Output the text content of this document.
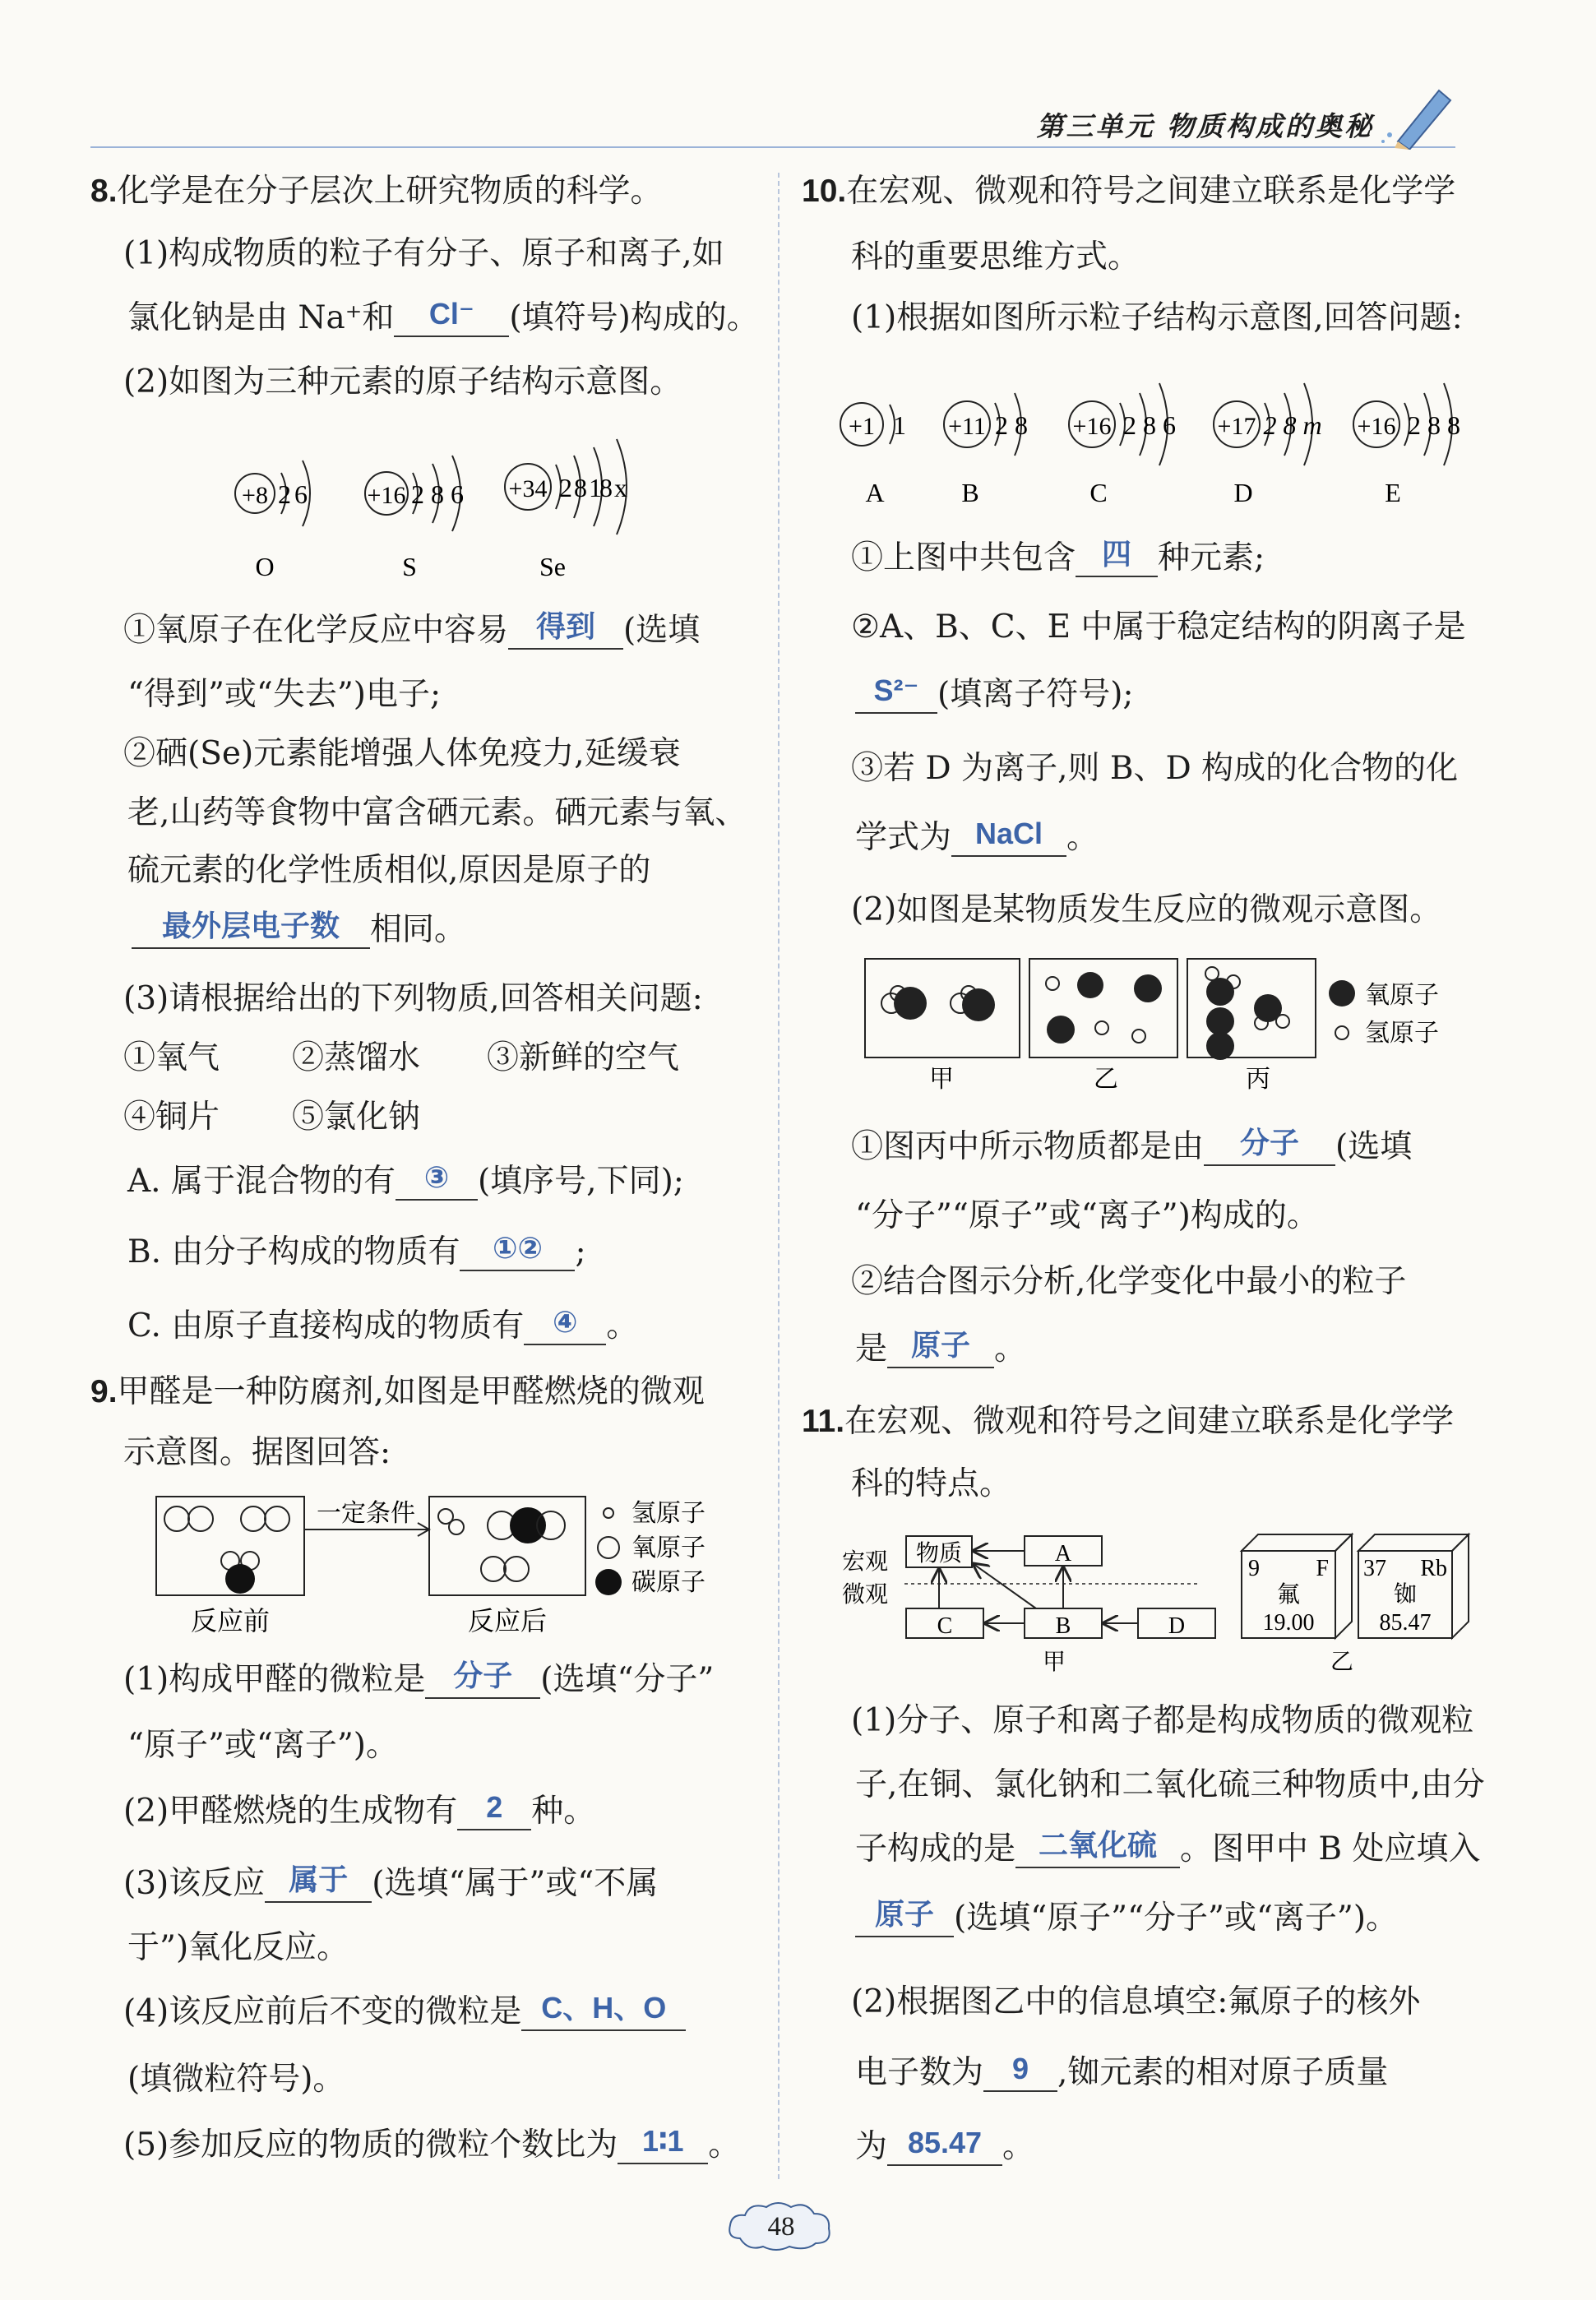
第三单元 物质构成的奥秘
8.化学是在分子层次上研究物质的科学。
(1)构成物质的粒子有分子、原子和离子,如
氯化钠是由 Na⁺和	Cl⁻	(填符号)构成的。
(2)如图为三种元素的原子结构示意图。
+8 2 6
O
+16 2 8 6
S
+34 2 8 18 x
Se
①氧原子在化学反应中容易 得到 (选填
“得到”或“失去”)电子;
②硒(Se)元素能增强人体免疫力,延缓衰
老,山药等食物中富含硒元素。硒元素与氧、
硫元素的化学性质相似,原因是原子的
最外层电子数 相同。
(3)请根据给出的下列物质,回答相关问题:
①氧气 ②蒸馏水 ③新鲜的空气
④铜片 ⑤氯化钠
A. 属于混合物的有 ③ (填序号,下同);
B. 由分子构成的物质有	①②	;
C. 由原子直接构成的物质有 ④ 。
9.甲醛是一种防腐剂,如图是甲醛燃烧的微观
示意图。据图回答:
一定条件
反应前	反应后
氢原子
氧原子
碳原子
(1)构成甲醛的微粒是 分子 (选填“分子”
“原子”或“离子”)。
(2)甲醛燃烧的生成物有 2 种。
(3)该反应 属于 (选填“属于”或“不属
于”)氧化反应。
(4)该反应前后不变的微粒是 C、H、O
(填微粒符号)。
(5)参加反应的物质的微粒个数比为 1∶1 。
10.在宏观、微观和符号之间建立联系是化学学
科的重要思维方式。
(1)根据如图所示粒子结构示意图,回答问题:
+1 1
A
+11 2 8
B
+16 2 8 6
C
+17 2 8 m
D
+16 2 8 8
E
①上图中共包含 四 种元素;
②A、B、C、E 中属于稳定结构的阴离子是
S²⁻ (填离子符号);
③若 D 为离子,则 B、D 构成的化合物的化
学式为 NaCl 。
(2)如图是某物质发生反应的微观示意图。
甲	乙	丙
氧原子
氢原子
①图丙中所示物质都是由	分子	(选填
“分子”“原子”或“离子”)构成的。
②结合图示分析,化学变化中最小的粒子
是 原子 。
11.在宏观、微观和符号之间建立联系是化学学
科的特点。
宏观
微观
物质	A
C	B	D
甲
9 F
氟
19.00
37 Rb
铷
85.47
乙
(1)分子、原子和离子都是构成物质的微观粒
子,在铜、氯化钠和二氧化硫三种物质中,由分
子构成的是 二氧化硫 。图甲中 B 处应填入
原子 (选填“原子”“分子”或“离子”)。
(2)根据图乙中的信息填空:氟原子的核外
电子数为 9 ,铷元素的相对原子质量
为 85.47 。
48
